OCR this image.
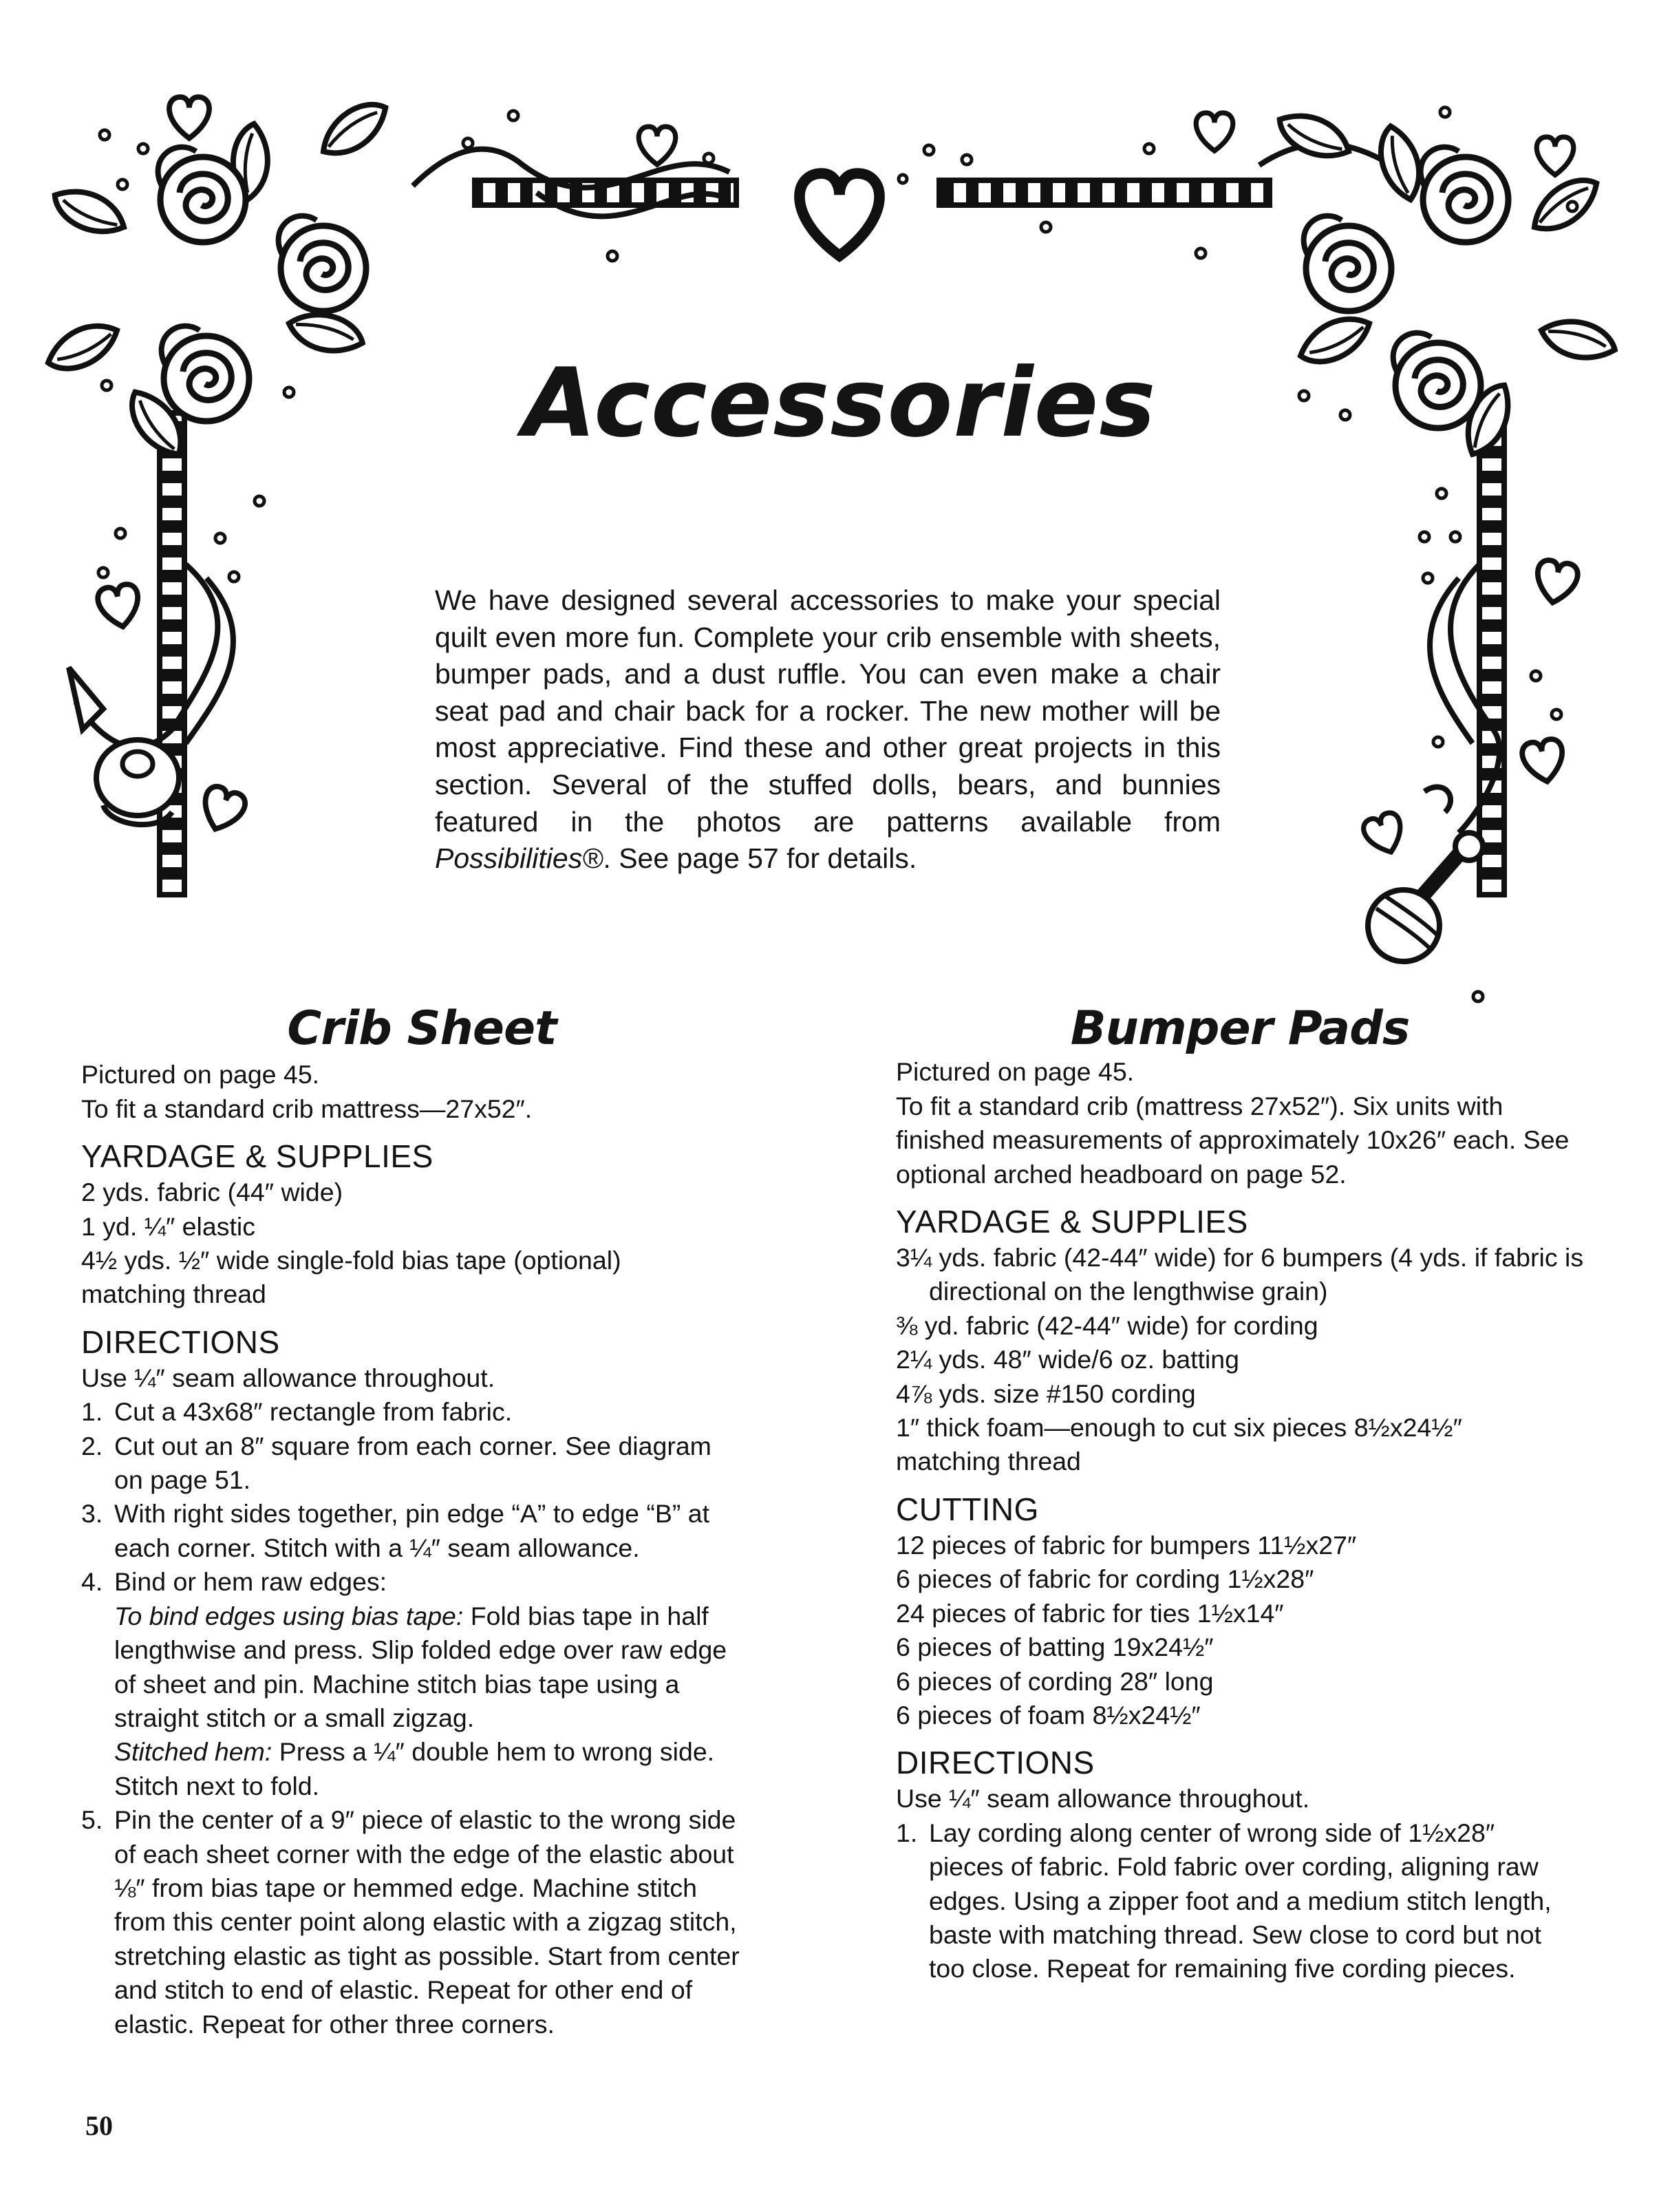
Accessories

We have designed several accessories to make your special quilt even more fun. Complete your crib ensemble with sheets, bumper pads, and a dust ruffle. You can even make a chair seat pad and chair back for a rocker. The new mother will be most appreciative. Find these and other great projects in this section. Several of the stuffed dolls, bears, and bunnies featured in the photos are patterns available from Possibilities®. See page 57 for details.

Crib Sheet
Pictured on page 45.
To fit a standard crib mattress—27x52″.
YARDAGE & SUPPLIES
2 yds. fabric (44″ wide)
1 yd. ¼″ elastic
4½ yds. ½″ wide single-fold bias tape (optional)
matching thread
DIRECTIONS
Use ¼″ seam allowance throughout.
1. Cut a 43x68″ rectangle from fabric.
2. Cut out an 8″ square from each corner. See diagram on page 51.
3. With right sides together, pin edge “A” to edge “B” at each corner. Stitch with a ¼″ seam allowance.
4. Bind or hem raw edges:
To bind edges using bias tape: Fold bias tape in half lengthwise and press. Slip folded edge over raw edge of sheet and pin. Machine stitch bias tape using a straight stitch or a small zigzag.
Stitched hem: Press a ¼″ double hem to wrong side. Stitch next to fold.
5. Pin the center of a 9″ piece of elastic to the wrong side of each sheet corner with the edge of the elastic about ⅛″ from bias tape or hemmed edge. Machine stitch from this center point along elastic with a zigzag stitch, stretching elastic as tight as possible. Start from center and stitch to end of elastic. Repeat for other end of elastic. Repeat for other three corners.
Bumper Pads
Pictured on page 45.
To fit a standard crib (mattress 27x52″). Six units with finished measurements of approximately 10x26″ each. See optional arched headboard on page 52.
YARDAGE & SUPPLIES
3¼ yds. fabric (42-44″ wide) for 6 bumpers (4 yds. if fabric is directional on the lengthwise grain)
⅜ yd. fabric (42-44″ wide) for cording
2¼ yds. 48″ wide/6 oz. batting
4⅞ yds. size #150 cording
1″ thick foam—enough to cut six pieces 8½x24½″
matching thread
CUTTING
12 pieces of fabric for bumpers 11½x27″
6 pieces of fabric for cording 1½x28″
24 pieces of fabric for ties 1½x14″
6 pieces of batting 19x24½″
6 pieces of cording 28″ long
6 pieces of foam 8½x24½″
DIRECTIONS
Use ¼″ seam allowance throughout.
1. Lay cording along center of wrong side of 1½x28″ pieces of fabric. Fold fabric over cording, aligning raw edges. Using a zipper foot and a medium stitch length, baste with matching thread. Sew close to cord but not too close. Repeat for remaining five cording pieces.
50
